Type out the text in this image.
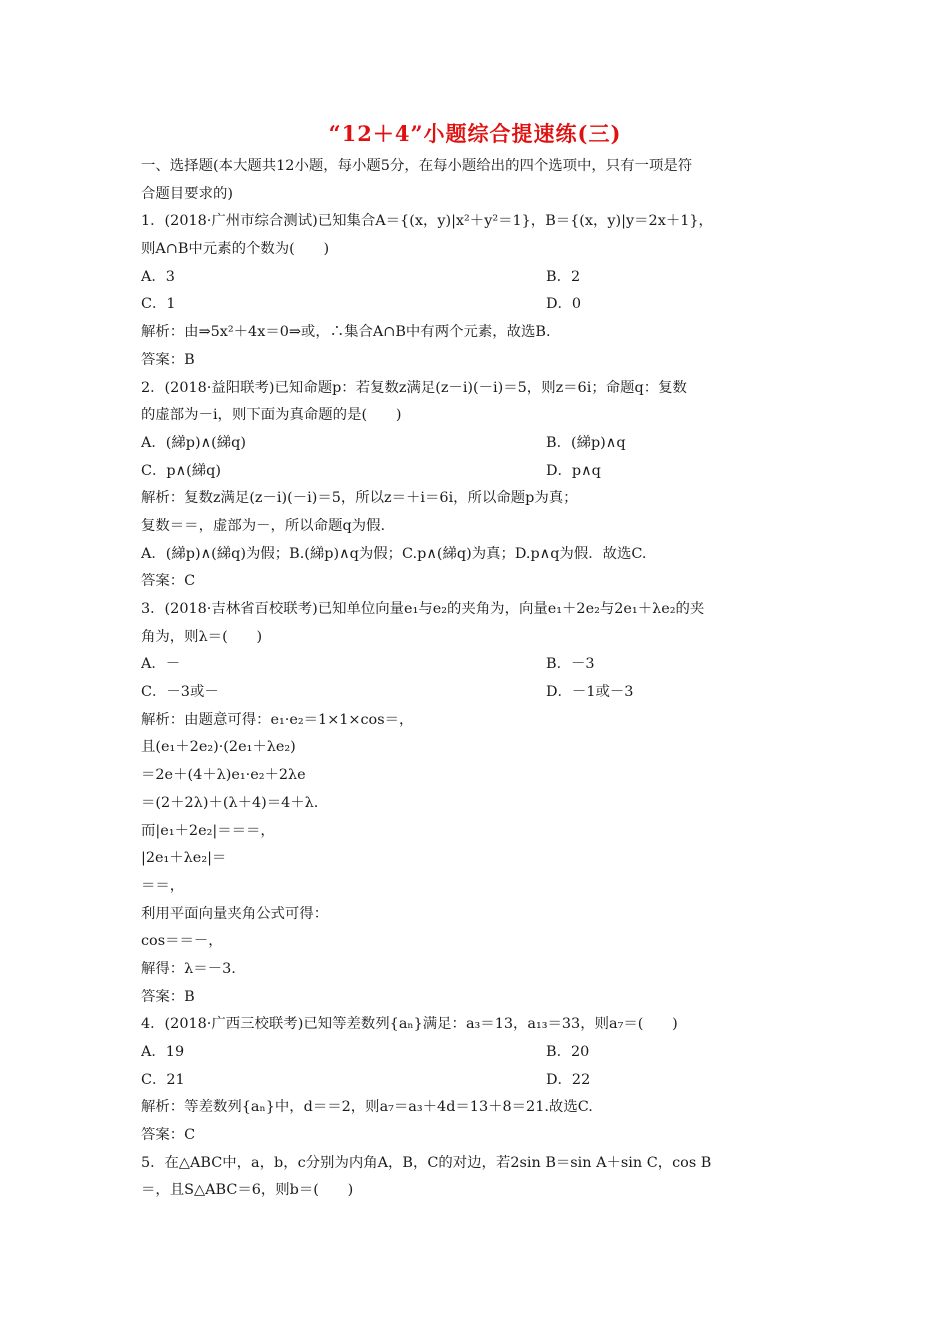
“12＋4”小题综合提速练(三)
一、选择题(本大题共12小题，每小题5分，在每小题给出的四个选项中，只有一项是符
合题目要求的)
1．(2018·广州市综合测试)已知集合A＝{(x，y)|x²＋y²＝1}，B＝{(x，y)|y＝2x＋1}，
则A∩B中元素的个数为(　　)
A．3	B．2
C．1	D．0
解析：由⇒5x²＋4x＝0⇒或，∴集合A∩B中有两个元素，故选B.
答案：B
2．(2018·益阳联考)已知命题p：若复数z满足(z－i)(－i)＝5，则z＝6i；命题q：复数
的虚部为－i，则下面为真命题的是(　　)
A．(綈p)∧(綈q)	B．(綈p)∧q
C．p∧(綈q)	D．p∧q
解析：复数z满足(z－i)(－i)＝5，所以z＝＋i＝6i，所以命题p为真；
复数＝＝，虚部为－，所以命题q为假.
A．(綈p)∧(綈q)为假；B.(綈p)∧q为假；C.p∧(綈q)为真；D.p∧q为假．故选C.
答案：C
3．(2018·吉林省百校联考)已知单位向量e₁与e₂的夹角为，向量e₁＋2e₂与2e₁＋λe₂的夹
角为，则λ＝(　　)
A．－	B．－3
C．－3或－	D．－1或－3
解析：由题意可得：e₁·e₂＝1×1×cos＝，
且(e₁＋2e₂)·(2e₁＋λe₂)
＝2e＋(4＋λ)e₁·e₂＋2λe
＝(2＋2λ)＋(λ＋4)＝4＋λ.
而|e₁＋2e₂|＝＝＝，
|2e₁＋λe₂|＝
＝＝，
利用平面向量夹角公式可得：
cos＝＝－，
解得：λ＝－3.
答案：B
4．(2018·广西三校联考)已知等差数列{aₙ}满足：a₃＝13，a₁₃＝33，则a₇＝(　　)
A．19	B．20
C．21	D．22
解析：等差数列{aₙ}中，d＝＝2，则a₇＝a₃＋4d＝13＋8＝21.故选C.
答案：C
5．在△ABC中，a，b，c分别为内角A，B，C的对边，若2sin B＝sin A＋sin C，cos B
＝，且S△ABC＝6，则b＝(　　)
